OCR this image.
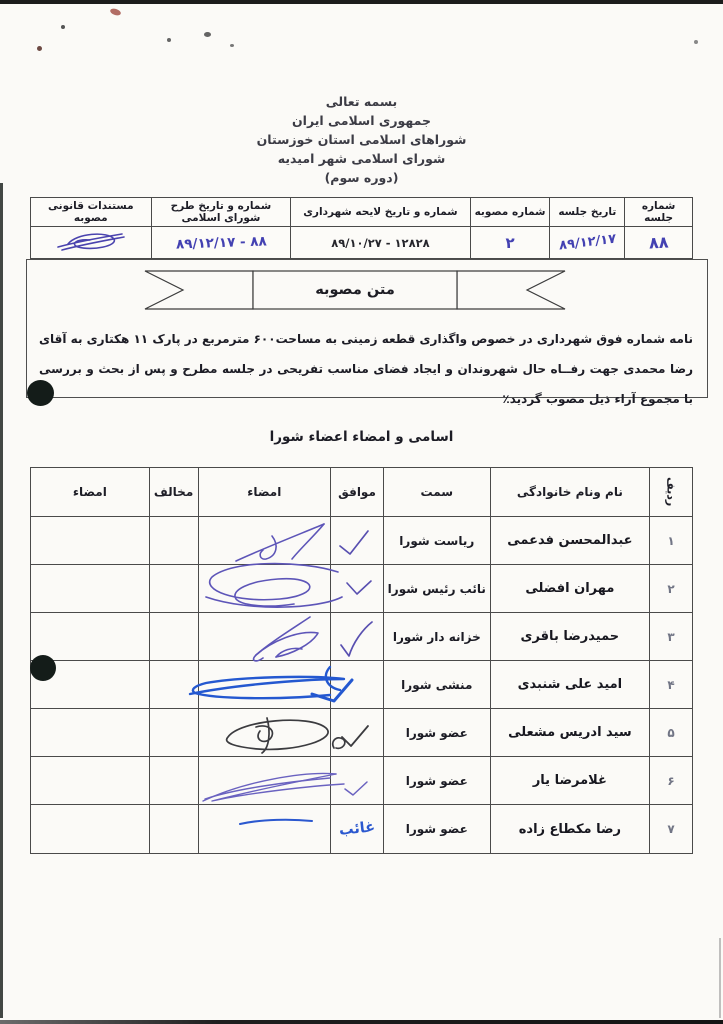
بسمه تعالی
جمهوری اسلامی ایران
شوراهای اسلامی استان خوزستان
شورای اسلامی شهر امیدیه
(دوره سوم)
شماره جلسه
تاریخ جلسه
شماره مصوبه
شماره و تاریخ لایحه شهرداری
شماره و تاریخ طرح شورای اسلامی
مستندات قانونی مصوبه
۸۸
۸۹/۱۲/۱۷
۲
۸۹/۱۰/۲۷ - ۱۲۸۲۸
۸۹/۱۲/۱۷ - ۸۸

نامه شماره فوق شهرداری در خصوص واگذاری قطعه زمینی به مساحت۶۰۰ مترمربع در پارک ۱۱ هکتاری به آقای رضا محمدی جهت رفــاه حال شهروندان و ایجاد فضای مناسب تفریحی در جلسه مطرح و پس از بحث و بررسی با مجموع آراء ذیل مصوب گردید٪

متن مصوبه
اسامی و امضاء اعضاء شورا
ردیف
نام ونام خانوادگی
سمت
موافق
امضاء
مخالف
امضاء
۱
عبدالمحسن فدعمی
ریاست شورا
۲
مهران افضلی
نائب رئیس شورا
۳
حمیدرضا باقری
خزانه دار شورا
۴
امید علی شنبدی
منشی شورا
۵
سید ادریس مشعلی
عضو شورا
۶
غلامرضا یار
عضو شورا
۷
رضا مکطاع زاده
عضو شورا
غائب
